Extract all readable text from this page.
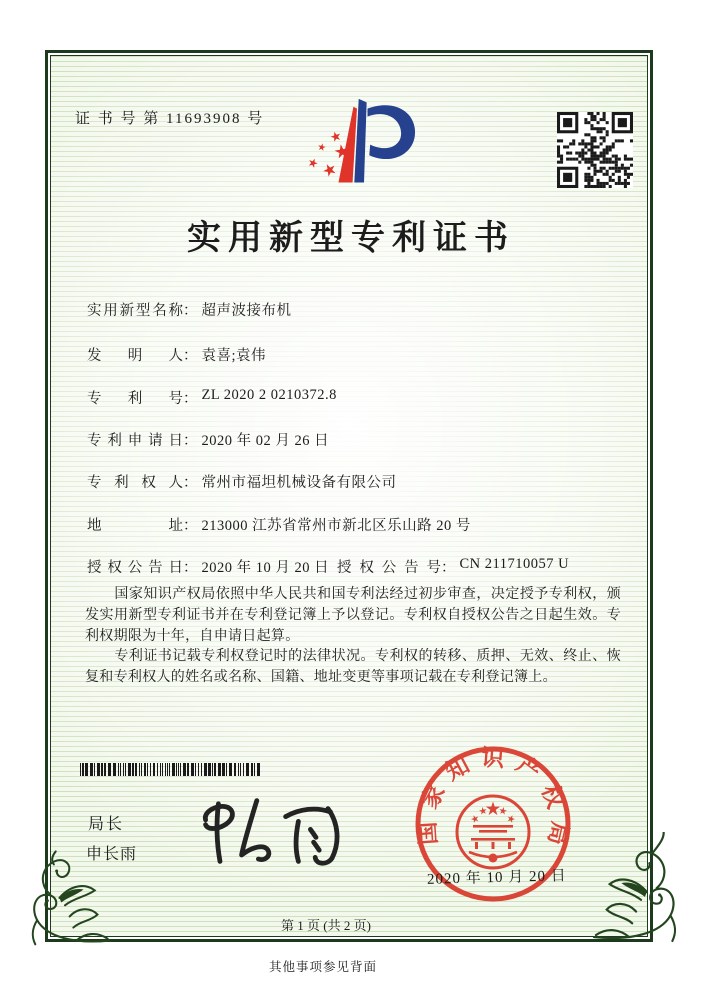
证 书 号 第 11693908 号
实用新型专利证书
实用新型名称： 超声波接布机
发明人： 袁喜;袁伟
专利号： ZL 2020 2 0210372.8
专利申请日： 2020 年 02 月 26 日
专利权人： 常州市福坦机械设备有限公司
地址： 213000 江苏省常州市新北区乐山路 20 号
授权公告日： 2020 年 10 月 20 日 授权公告号： CN 211710057 U

国家知识产权局依照中华人民共和国专利法经过初步审查，决定授予专利权，颁发实用新型专利证书并在专利登记簿上予以登记。专利权自授权公告之日起生效。专利权期限为十年，自申请日起算。

专利证书记载专利权登记时的法律状况。专利权的转移、质押、无效、终止、恢复和专利权人的姓名或名称、国籍、地址变更等事项记载在专利登记簿上。

局长
申长雨
国家知识产权局
2020 年 10 月 20 日
第 1 页 (共 2 页)
其他事项参见背面
